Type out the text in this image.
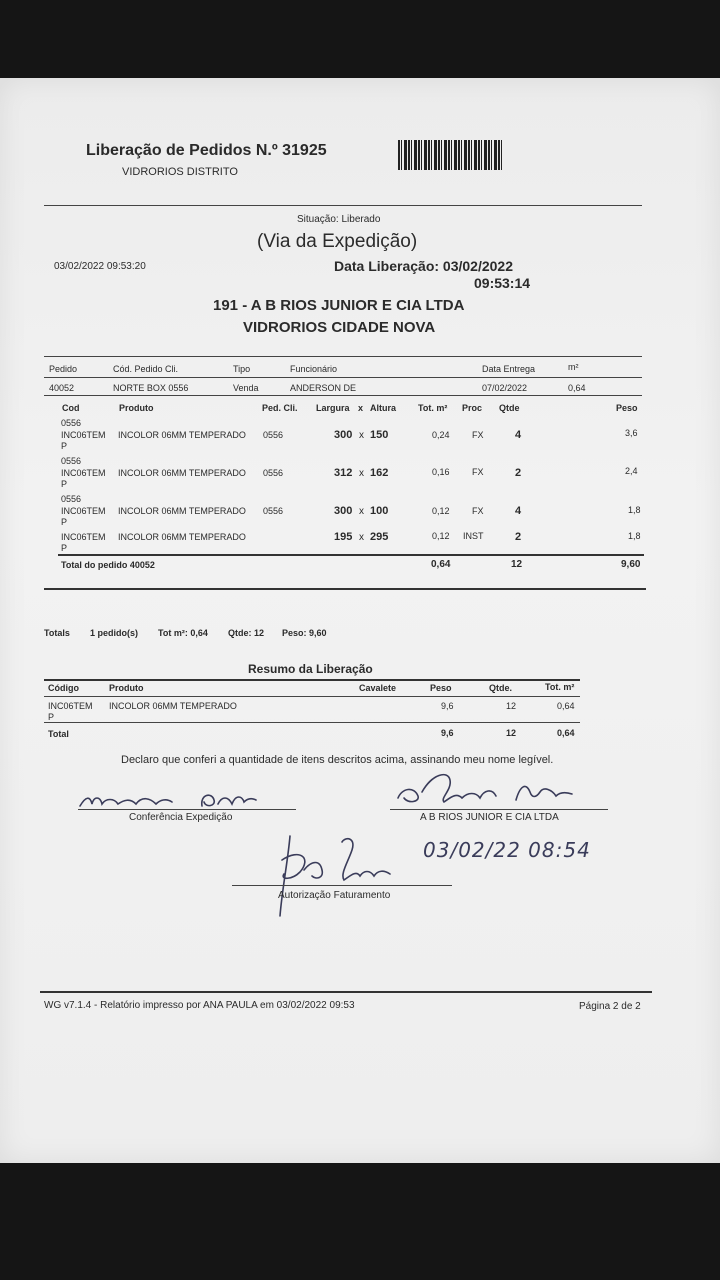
Liberação de Pedidos N.º 31925
VIDRORIOS DISTRITO
Situação: Liberado
(Via da Expedição)
03/02/2022 09:53:20	Data Liberação: 03/02/2022
09:53:14
191 - A B RIOS JUNIOR E CIA LTDA
VIDRORIOS CIDADE NOVA
Pedido	Cód. Pedido Cli.	Tipo	Funcionário	Data Entrega	m²
40052	NORTE BOX 0556	Venda	ANDERSON DE	07/02/2022	0,64
Cod	Produto	Ped. Cli. Largura x Altura Tot. m² Proc Qtde	Peso
0556
INC06TEM
P
INCOLOR 06MM TEMPERADO 0556	300 x 150	0,24 FX	4	3,6
0556
INC06TEM
P
INCOLOR 06MM TEMPERADO 0556	312 x 162	0,16 FX	2	2,4
0556
INC06TEM
P
INCOLOR 06MM TEMPERADO 0556	300 x 100	0,12 FX	4	1,8
INC06TEM
P
INCOLOR 06MM TEMPERADO	195 x 295	0,12 INST	2	1,8
Total do pedido 40052	0,64	12	9,60
Totals 1 pedido(s) Tot m²: 0,64 Qtde: 12 Peso: 9,60
Resumo da Liberação
Código	Produto	Cavalete	Peso	Qtde.	Tot. m²
INC06TEM
P
INCOLOR 06MM TEMPERADO	9,6	12	0,64
Total	9,6	12	0,64
Declaro que conferi a quantidade de itens descritos acima, assinando meu nome legível.
Conferência Expedição	A B RIOS JUNIOR E CIA LTDA
03/02/22 08:54
Autorização Faturamento
WG v7.1.4 - Relatório impresso por ANA PAULA em 03/02/2022 09:53	Página 2 de 2
